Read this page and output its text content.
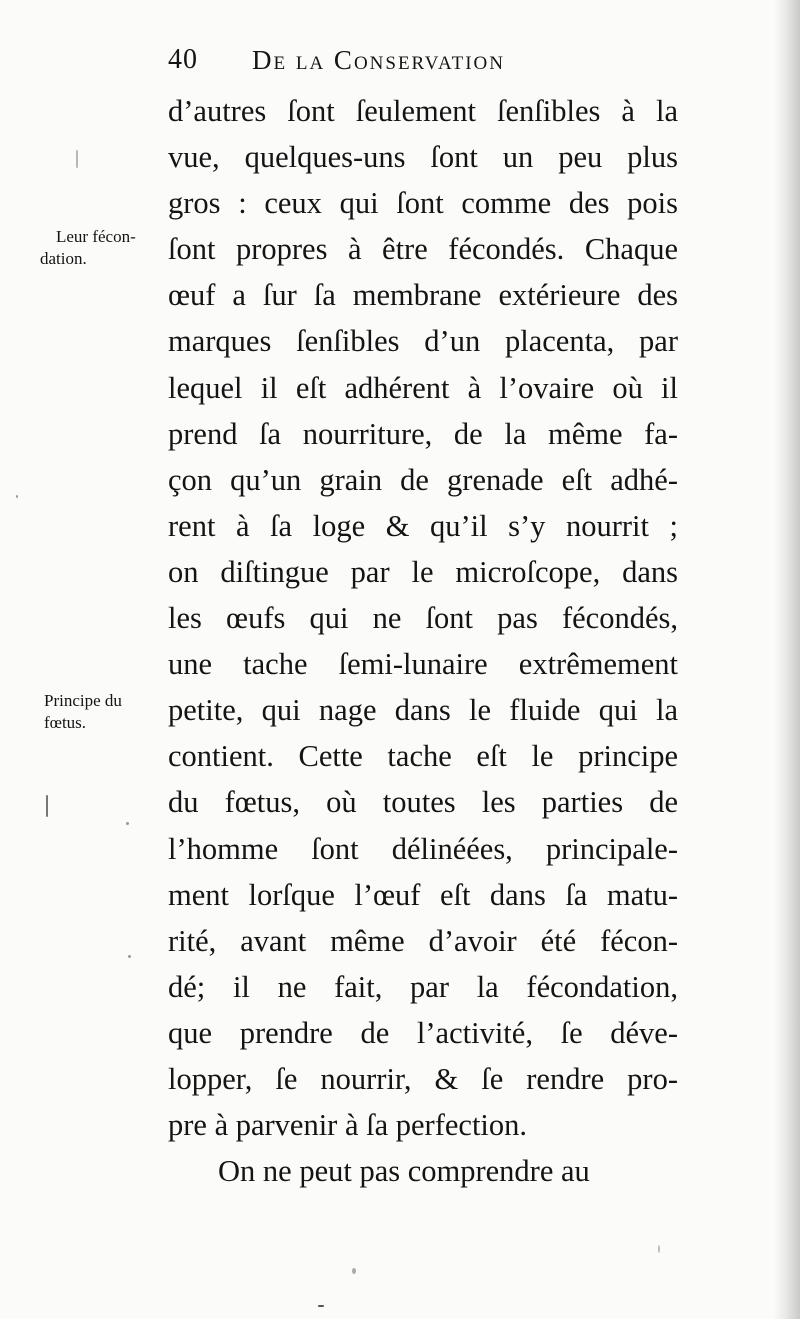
40 De la Conservation
Leur fécon-
dation.
Principe du
fœtus.
d’autres ſont ſeulement ſenſibles à la
vue, quelques-uns ſont un peu plus
gros : ceux qui ſont comme des pois
ſont propres à être fécondés. Chaque
œuf a ſur ſa membrane extérieure des
marques ſenſibles d’un placenta, par
lequel il eſt adhérent à l’ovaire où il
prend ſa nourriture, de la même fa-
çon qu’un grain de grenade eſt adhé-
rent à ſa loge & qu’il s’y nourrit ;
on diſtingue par le microſcope, dans
les œufs qui ne ſont pas fécondés,
une tache ſemi-lunaire extrêmement
petite, qui nage dans le fluide qui la
contient. Cette tache eſt le principe
du fœtus, où toutes les parties de
l’homme ſont délinéées, principale-
ment lorſque l’œuf eſt dans ſa matu-
rité, avant même d’avoir été fécon-
dé; il ne fait, par la fécondation,
que prendre de l’activité, ſe déve-
lopper, ſe nourrir, & ſe rendre pro-
pre à parvenir à ſa perfection.
On ne peut pas comprendre au
